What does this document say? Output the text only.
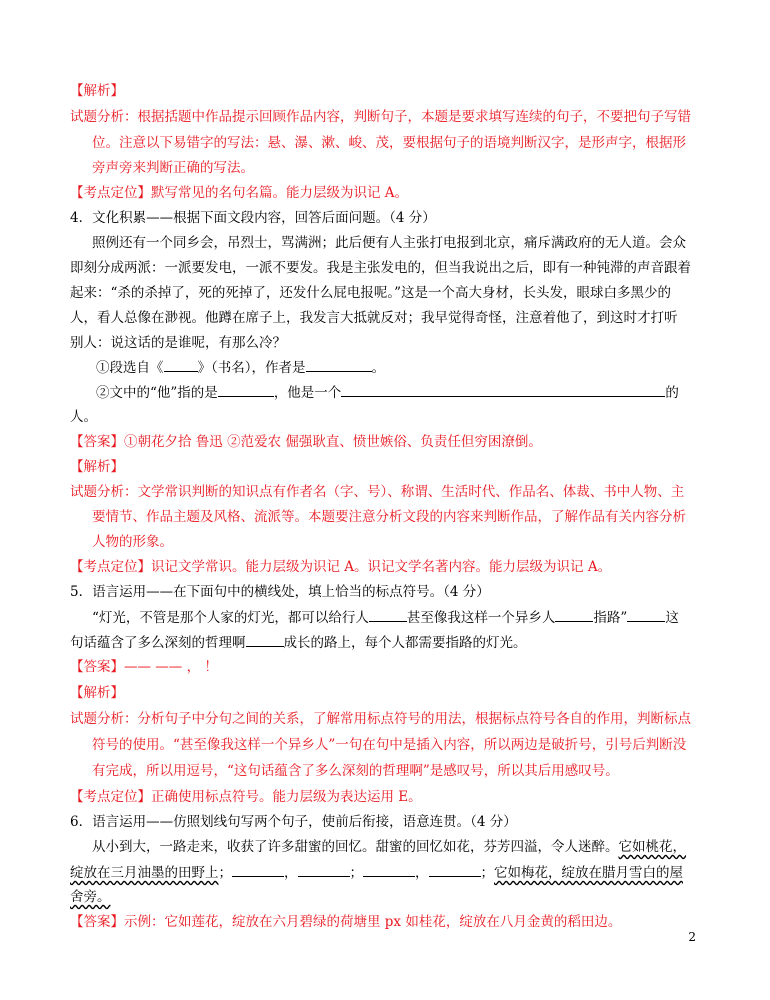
【解析】
试题分析：根据括题中作品提示回顾作品内容，判断句子，本题是要求填写连续的句子，不要把句子写错
位。注意以下易错字的写法：悬、瀑、漱、峻、茂，要根据句子的语境判断汉字，是形声字，根据形
旁声旁来判断正确的写法。
【考点定位】默写常见的名句名篇。能力层级为识记 A。
4．文化积累——根据下面文段内容，回答后面问题。（4 分）
照例还有一个同乡会，吊烈士，骂满洲；此后便有人主张打电报到北京，痛斥满政府的无人道。会众
即刻分成两派：一派要发电，一派不要发。我是主张发电的，但当我说出之后，即有一种钝滞的声音跟着
起来：“杀的杀掉了，死的死掉了，还发什么屁电报呢。”这是一个高大身材，长头发，眼球白多黑少的
人，看人总像在渺视。他蹲在席子上，我发言大抵就反对；我早觉得奇怪，注意着他了，到这时才打听
别人：说这话的是谁呢，有那么冷？
①段选自《	》（书名），作者是	。
②文中的“他”指的是	，他是一个	的
人。
【答案】①朝花夕拾 鲁迅 ②范爱农 倔强耿直、愤世嫉俗、负责任但穷困潦倒。
【解析】
试题分析：文学常识判断的知识点有作者名（字、号）、称谓、生活时代、作品名、体裁、书中人物、主
要情节、作品主题及风格、流派等。本题要注意分析文段的内容来判断作品，了解作品有关内容分析
人物的形象。
【考点定位】识记文学常识。能力层级为识记 A。识记文学名著内容。能力层级为识记 A。
5．语言运用——在下面句中的横线处，填上恰当的标点符号。（4 分）
“灯光，不管是那个人家的灯光，都可以给行人	甚至像我这样一个异乡人	指路”	这
句话蕴含了多么深刻的哲理啊	成长的路上，每个人都需要指路的灯光。
【答案】—— —— ， ！
【解析】
试题分析：分析句子中分句之间的关系，了解常用标点符号的用法，根据标点符号各自的作用，判断标点
符号的使用。“甚至像我这样一个异乡人”一句在句中是插入内容，所以两边是破折号，引号后判断没
有完成，所以用逗号，“这句话蕴含了多么深刻的哲理啊”是感叹号，所以其后用感叹号。
【考点定位】正确使用标点符号。能力层级为表达运用 E。
6．语言运用——仿照划线句写两个句子，使前后衔接，语意连贯。（4 分）
从小到大，一路走来，收获了许多甜蜜的回忆。甜蜜的回忆如花，芬芳四溢，令人迷醉。它如桃花，
绽放在三月油墨的田野上；	，	；	，	；它如梅花，绽放在腊月雪白的屋
舍旁。
【答案】示例：它如莲花，绽放在六月碧绿的荷塘里 px 如桂花，绽放在八月金黄的稻田边。
2
